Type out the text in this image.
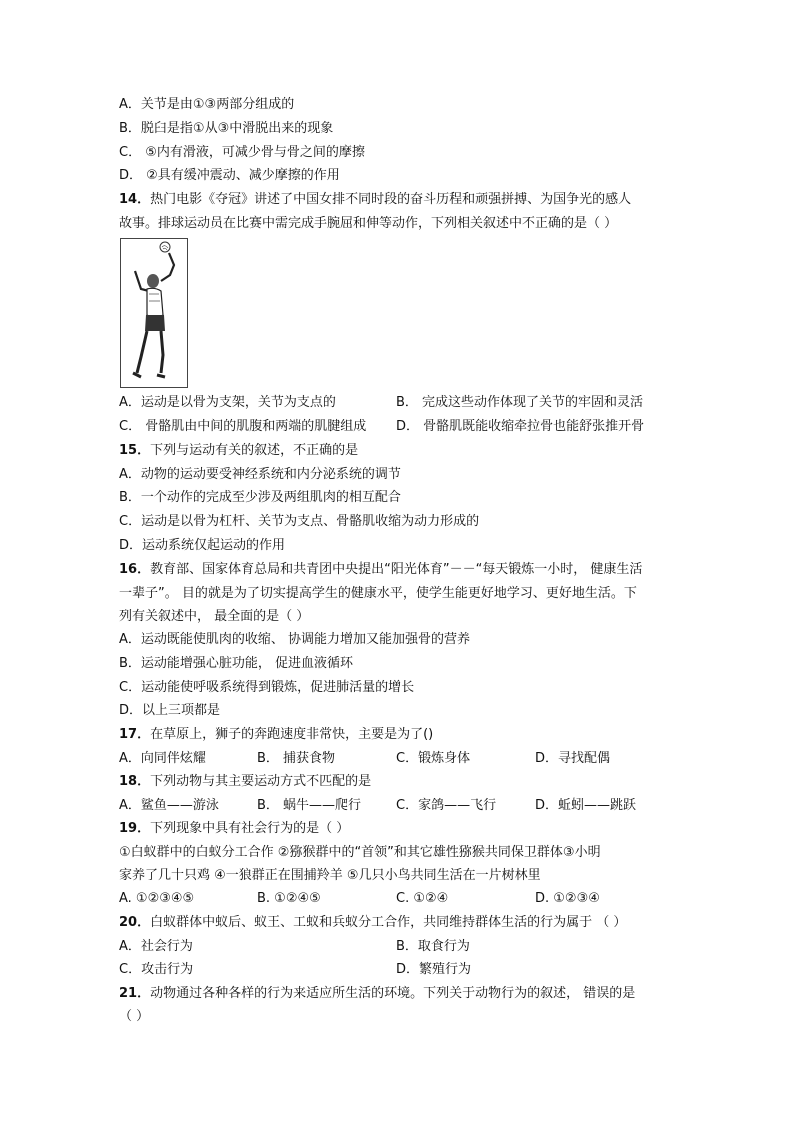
A．关节是由①③两部分组成的
B．脱臼是指①从③中滑脱出来的现象
C． ⑤内有滑液，可减少骨与骨之间的摩擦
D． ②具有缓冲震动、减少摩擦的作用
14．热门电影《夺冠》讲述了中国女排不同时段的奋斗历程和顽强拼搏、为国争光的感人
故事。排球运动员在比赛中需完成手腕屈和伸等动作，下列相关叙述中不正确的是（ ）
A．运动是以骨为支架，关节为支点的	B． 完成这些动作体现了关节的牢固和灵活
C． 骨骼肌由中间的肌腹和两端的肌腱组成 D． 骨骼肌既能收缩牵拉骨也能舒张推开骨
15．下列与运动有关的叙述，不正确的是
A．动物的运动要受神经系统和内分泌系统的调节
B．一个动作的完成至少涉及两组肌肉的相互配合
C．运动是以骨为杠杆、关节为支点、骨骼肌收缩为动力形成的
D．运动系统仅起运动的作用
16．教育部、国家体育总局和共青团中央提出“阳光体育”－－“每天锻炼一小时， 健康生活
一辈子”。 目的就是为了切实提高学生的健康水平，使学生能更好地学习、更好地生活。下
列有关叙述中， 最全面的是（ ）
A．运动既能使肌肉的收缩、 协调能力增加又能加强骨的营养
B．运动能增强心脏功能， 促进血液循环
C．运动能使呼吸系统得到锻炼，促进肺活量的增长
D．以上三项都是
17．在草原上，狮子的奔跑速度非常快，主要是为了()
A．向同伴炫耀	B． 捕获食物	C．锻炼身体	D．寻找配偶
18．下列动物与其主要运动方式不匹配的是
A．鲨鱼——游泳	B． 蜗牛——爬行	C．家鸽——飞行	D．蚯蚓——跳跃
19．下列现象中具有社会行为的是（ ）
①白蚁群中的白蚁分工合作 ②猕猴群中的“首领”和其它雄性猕猴共同保卫群体③小明
家养了几十只鸡 ④一狼群正在围捕羚羊 ⑤几只小鸟共同生活在一片树林里
A. ①②③④⑤	B. ①②④⑤	C. ①②④	D. ①②③④
20．白蚁群体中蚁后、蚁王、工蚁和兵蚁分工合作，共同维持群体生活的行为属于 （ ）
A．社会行为	B．取食行为
C．攻击行为	D．繁殖行为
21．动物通过各种各样的行为来适应所生活的环境。下列关于动物行为的叙述， 错误的是
（ ）
